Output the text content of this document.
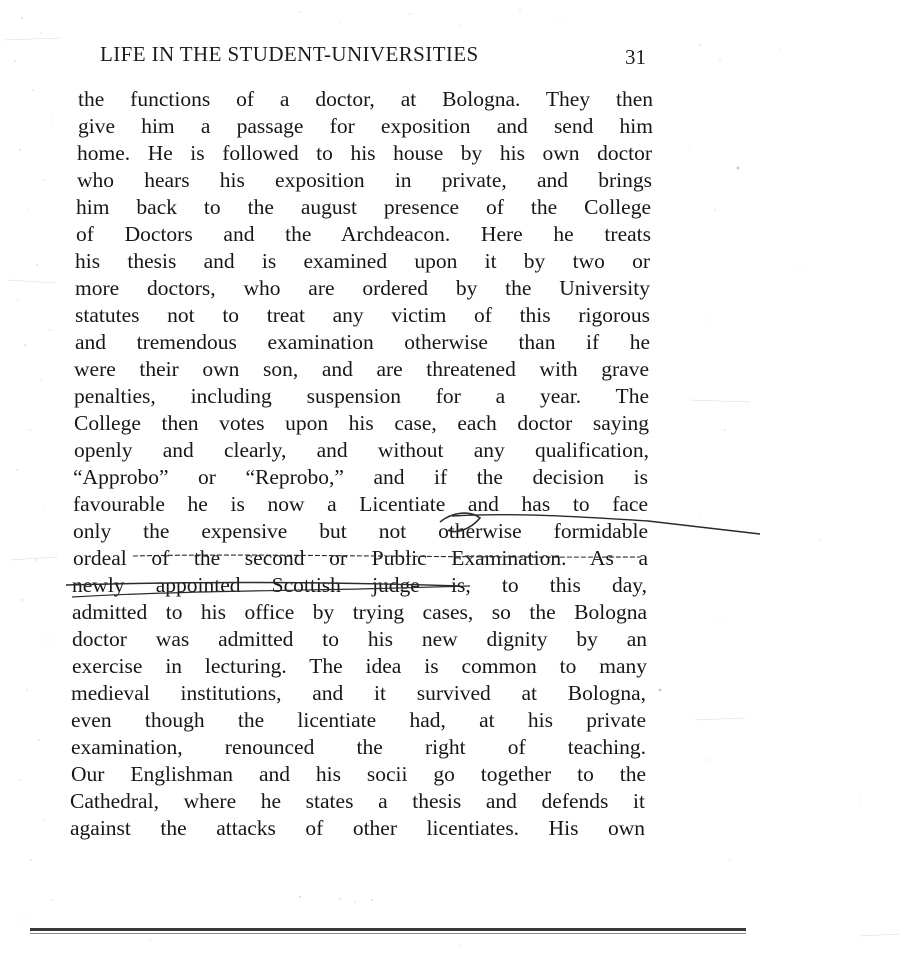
LIFE IN THE STUDENT-UNIVERSITIES	31
the functions of a doctor, at Bologna. They then
give him a passage for exposition and send him
home. He is followed to his house by his own doctor
who hears his exposition in private, and brings
him back to the august presence of the College
of Doctors and the Archdeacon. Here he treats
his thesis and is examined upon it by two or
more doctors, who are ordered by the University
statutes not to treat any victim of this rigorous
and tremendous examination otherwise than if he
were their own son, and are threatened with grave
penalties, including suspension for a year. The
College then votes upon his case, each doctor saying
openly and clearly, and without any qualification,
“Approbo” or “Reprobo,” and if the decision is
favourable he is now a Licentiate and has to face
only the expensive but not otherwise formidable
ordeal of the second or Public Examination. As a
newly appointed Scottish judge is, to this day,
admitted to his office by trying cases, so the Bologna
doctor was admitted to his new dignity by an
exercise in lecturing. The idea is common to many
medieval institutions, and it survived at Bologna,
even though the licentiate had, at his private
examination, renounced the right of teaching.
Our Englishman and his socii go together to the
Cathedral, where he states a thesis and defends it
against the attacks of other licentiates. His own
